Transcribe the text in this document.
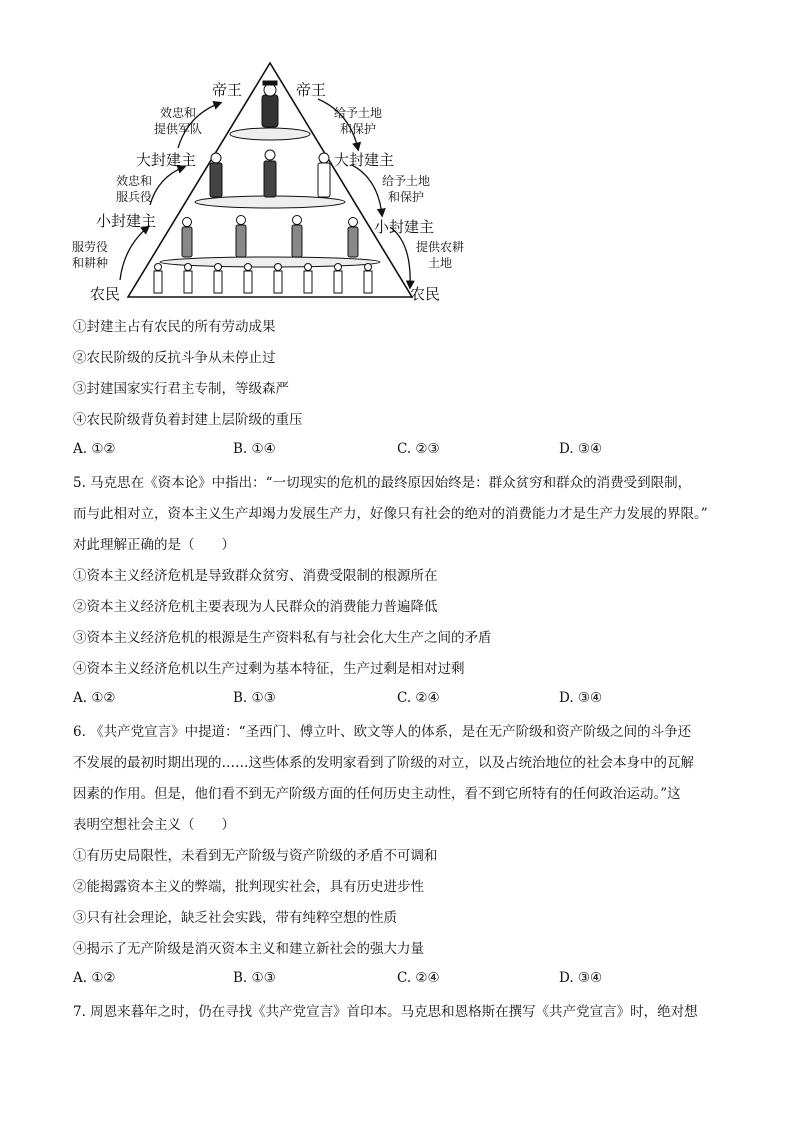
帝王	帝王
大封建主	大封建主
小封建主	小封建主
农民	农民
效忠和
提供军队
效忠和
服兵役
服劳役
和耕种
给予土地
和保护
给予土地
和保护
提供农耕
土地
①封建主占有农民的所有劳动成果
②农民阶级的反抗斗争从未停止过
③封建国家实行君主专制，等级森严
④农民阶级背负着封建上层阶级的重压
A. ①②	B. ①④	C. ②③	D. ③④
5. 马克思在《资本论》中指出：“一切现实的危机的最终原因始终是：群众贫穷和群众的消费受到限制，
而与此相对立，资本主义生产却竭力发展生产力，好像只有社会的绝对的消费能力才是生产力发展的界限。”
对此理解正确的是（　　）
①资本主义经济危机是导致群众贫穷、消费受限制的根源所在
②资本主义经济危机主要表现为人民群众的消费能力普遍降低
③资本主义经济危机的根源是生产资料私有与社会化大生产之间的矛盾
④资本主义经济危机以生产过剩为基本特征，生产过剩是相对过剩
A. ①②	B. ①③	C. ②④	D. ③④
6. 《共产党宣言》中提道：“圣西门、傅立叶、欧文等人的体系，是在无产阶级和资产阶级之间的斗争还
不发展的最初时期出现的……这些体系的发明家看到了阶级的对立，以及占统治地位的社会本身中的瓦解
因素的作用。但是，他们看不到无产阶级方面的任何历史主动性，看不到它所特有的任何政治运动。”这
表明空想社会主义（　　）
①有历史局限性，未看到无产阶级与资产阶级的矛盾不可调和
②能揭露资本主义的弊端，批判现实社会，具有历史进步性
③只有社会理论，缺乏社会实践，带有纯粹空想的性质
④揭示了无产阶级是消灭资本主义和建立新社会的强大力量
A. ①②	B. ①③	C. ②④	D. ③④
7. 周恩来暮年之时，仍在寻找《共产党宣言》首印本。马克思和恩格斯在撰写《共产党宣言》时，绝对想
